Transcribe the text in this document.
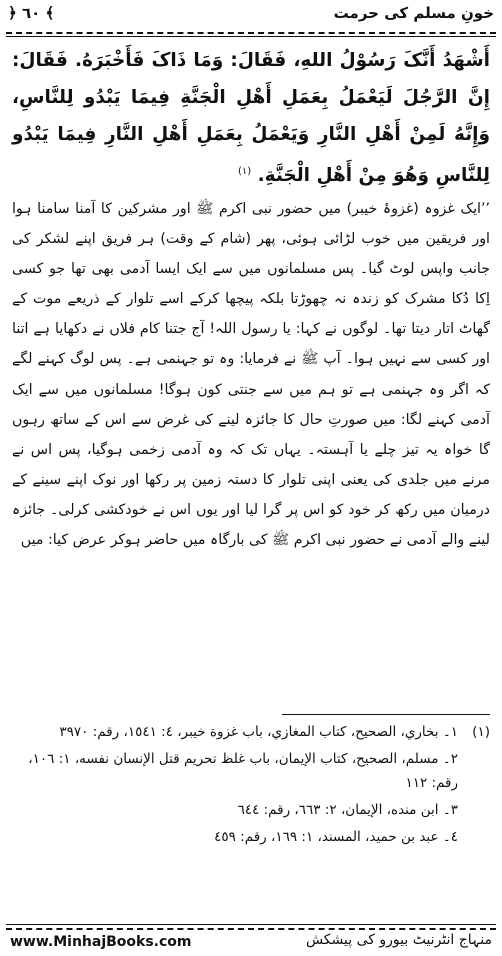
خونِ مسلم کی حرمت
﴿ ٦٠ ﴾
أَشْهَدُ أَنَّکَ رَسُوْلُ اللهِ، فَقَالَ: وَمَا ذَاکَ فَأَخْبَرَهُ. فَقَالَ: إِنَّ الرَّجُلَ لَيَعْمَلُ بِعَمَلِ أَهْلِ الْجَنَّةِ فِيمَا يَبْدُو لِلنَّاسِ، وَإِنَّهُ لَمِنْ أَهْلِ النَّارِ وَيَعْمَلُ بِعَمَلِ أَهْلِ النَّارِ فِيمَا يَبْدُو لِلنَّاسِ وَهُوَ مِنْ أَهْلِ الْجَنَّةِ. $^{(١)}$
’’ایک غزوہ (غزوۂ خیبر) میں حضور نبی اکرم ﷺ اور مشرکین کا آمنا سامنا ہوا اور فریقین میں خوب لڑائی ہوئی، پھر (شام کے وقت) ہر فریق اپنے لشکر کی جانب واپس لوٹ گیا۔ پس مسلمانوں میں سے ایک ایسا آدمی بھی تھا جو کسی اِکا دُکا مشرک کو زندہ نہ چھوڑتا بلکہ پیچھا کرکے اسے تلوار کے ذریعے موت کے گھاٹ اتار دیتا تھا۔ لوگوں نے کہا: یا رسول اللہ! آج جتنا کام فلاں نے دکھایا ہے اتنا اور کسی سے نہیں ہوا۔ آپ ﷺ نے فرمایا: وہ تو جہنمی ہے۔ پس لوگ کہنے لگے کہ اگر وہ جہنمی ہے تو ہم میں سے جنتی کون ہوگا! مسلمانوں میں سے ایک آدمی کہنے لگا: میں صورتِ حال کا جائزہ لینے کی غرض سے اس کے ساتھ رہوں گا خواہ یہ تیز چلے یا آہستہ۔ یہاں تک کہ وہ آدمی زخمی ہوگیا، پس اس نے مرنے میں جلدی کی یعنی اپنی تلوار کا دستہ زمین پر رکھا اور نوک اپنے سینے کے درمیان میں رکھ کر خود کو اس پر گرا لیا اور یوں اس نے خودکشی کرلی۔ جائزہ لینے والے آدمی نے حضور نبی اکرم ﷺ کی بارگاہ میں حاضر ہوکر عرض کیا: میں
(١)
١۔ بخاري، الصحيح، کتاب المغازي، باب غزوة خيبر، ٤: ١٥٤١، رقم: ٣٩٧٠
٢۔ مسلم، الصحيح، کتاب الإيمان، باب غلظ تحريم قتل الإنسان نفسه، ١: ١٠٦، رقم: ١١٢
٣۔ ابن منده، الإيمان، ٢: ٦٦٣، رقم: ٦٤٤
٤۔ عبد بن حميد، المسند، ١: ١٦٩، رقم: ٤٥٩
www.MinhajBooks.com	منہاج انٹرنیٹ بیورو کی پیشکش
